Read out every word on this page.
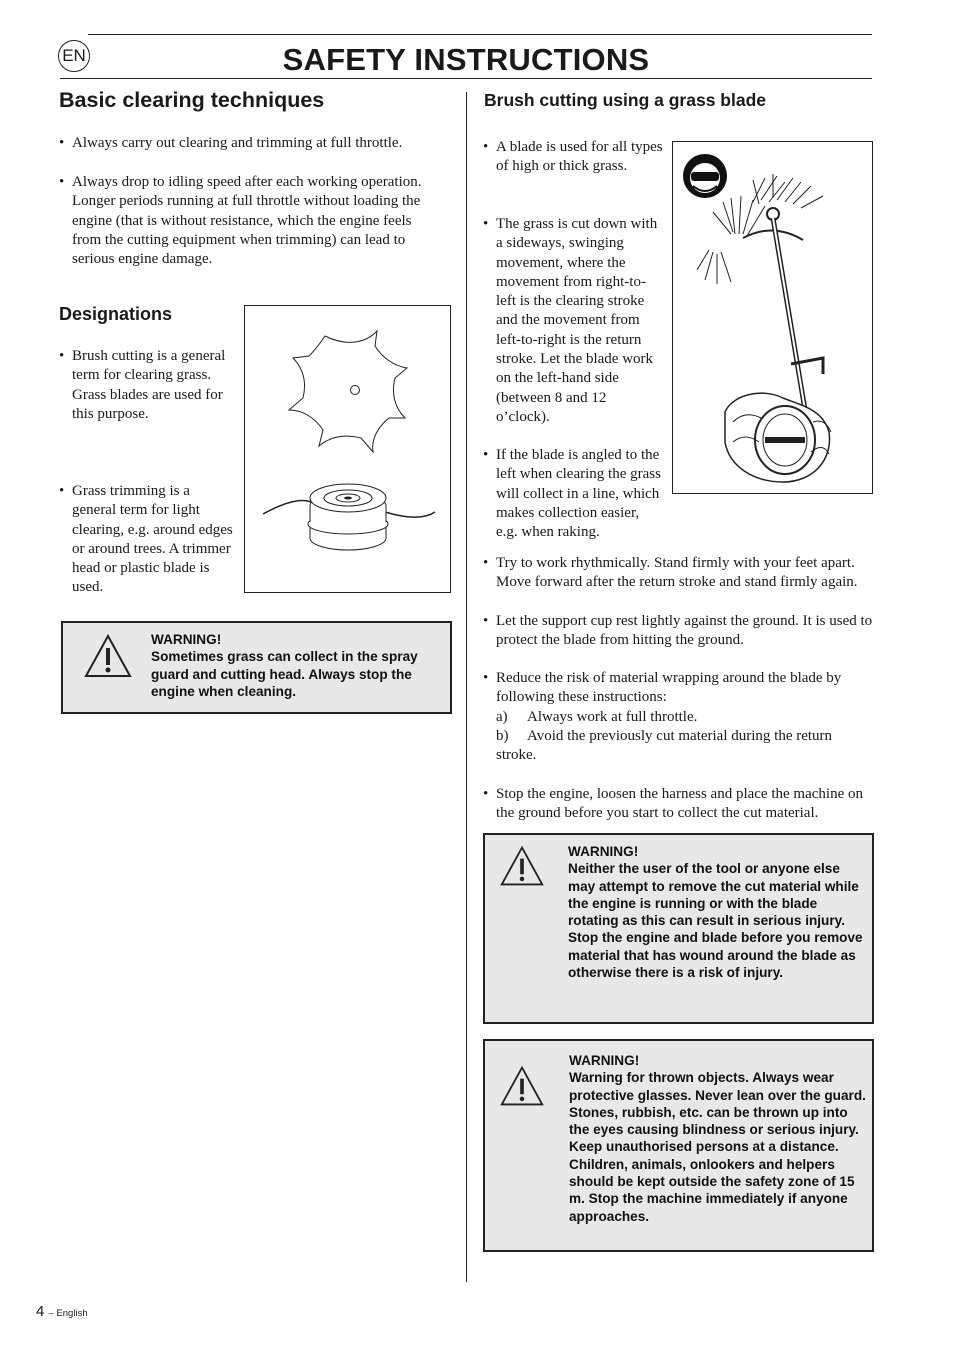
EN	SAFETY INSTRUCTIONS
Basic clearing techniques
• Always carry out clearing and trimming at full throttle.
• Always drop to idling speed after each working operation. Longer periods running at full throttle without loading the engine (that is without resistance, which the engine feels from the cutting equipment when trimming) can lead to serious engine damage.
Designations
• Brush cutting is a general term for clearing grass. Grass blades are used for this purpose.
• Grass trimming is a general term for light clearing, e.g. around edges or around trees. A trimmer head or plastic blade is used.
WARNING!
Sometimes grass can collect in the spray guard and cutting head. Always stop the engine when cleaning.
Brush cutting using a grass blade
• A blade is used for all types of high or thick grass.
• The grass is cut down with a sideways, swinging movement, where the movement from right-to-left is the clearing stroke and the movement from left-to-right is the return stroke. Let the blade work on the left-hand side (between 8 and 12 o’clock).
• If the blade is angled to the left when clearing the grass will collect in a line, which makes collection easier, e.g. when raking.
• Try to work rhythmically. Stand firmly with your feet apart. Move forward after the return stroke and stand firmly again.
• Let the support cup rest lightly against the ground. It is used to protect the blade from hitting the ground.
• Reduce the risk of material wrapping around the blade by following these instructions:
a) Always work at full throttle.
b) Avoid the previously cut material during the return stroke.
• Stop the engine, loosen the harness and place the machine on the ground before you start to collect the cut material.
WARNING!
Neither the user of the tool or anyone else may attempt to remove the cut material while the engine is running or with the blade rotating as this can result in serious injury.
Stop the engine and blade before you remove material that has wound around the blade as otherwise there is a risk of injury.
WARNING!
Warning for thrown objects. Always wear protective glasses. Never lean over the guard. Stones, rubbish, etc. can be thrown up into the eyes causing blindness or serious injury.
Keep unauthorised persons at a distance. Children, animals, onlookers and helpers should be kept outside the safety zone of 15 m. Stop the machine immediately if anyone approaches.
4 – English
